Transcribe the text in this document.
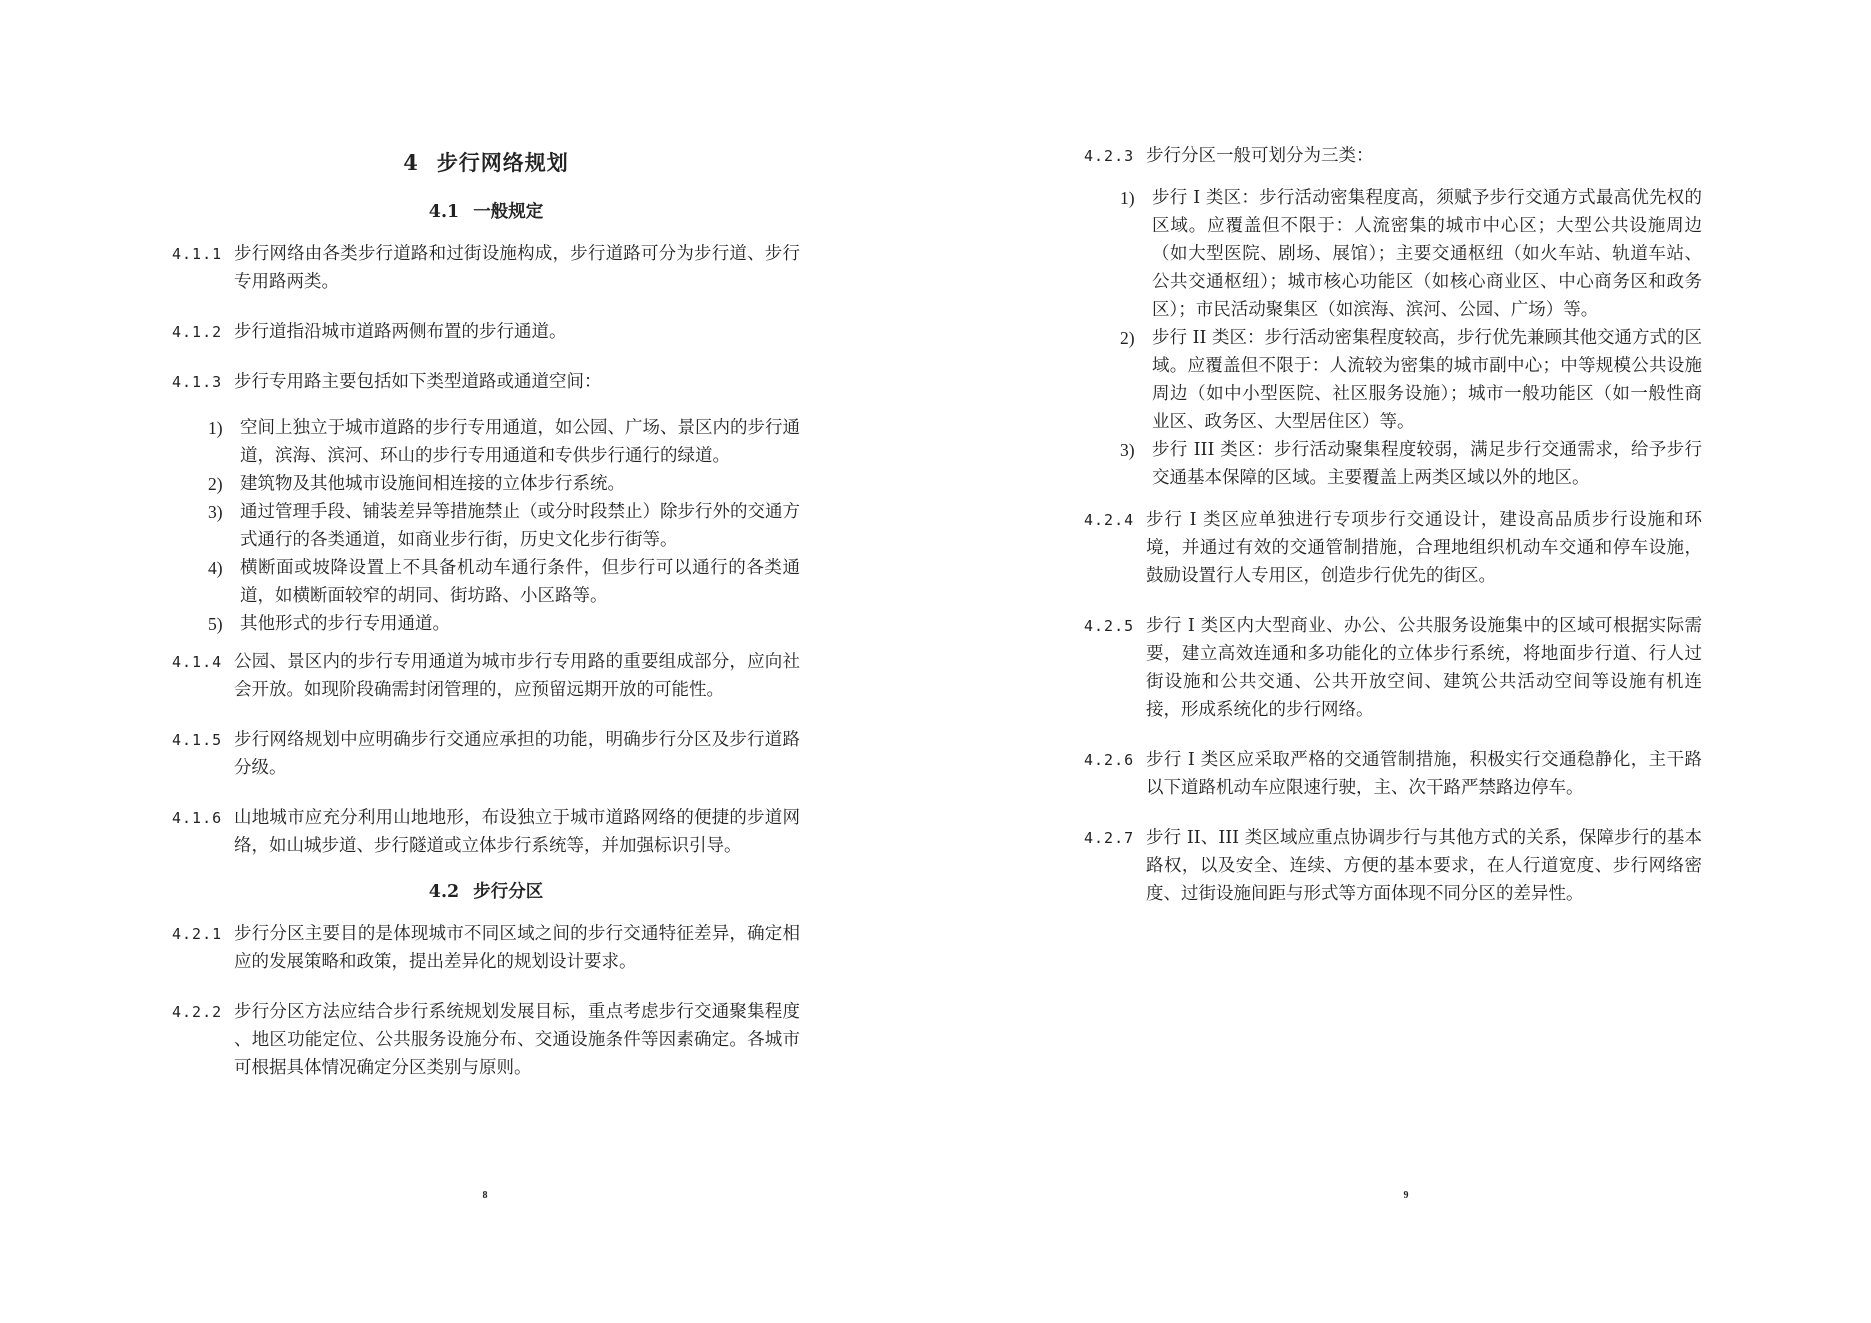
4 步行网络规划
4.1 一般规定
4.1.1 步行网络由各类步行道路和过街设施构成，步行道路可分为步行道、步行专用路两类。
4.1.2 步行道指沿城市道路两侧布置的步行通道。
4.1.3 步行专用路主要包括如下类型道路或通道空间：
1) 空间上独立于城市道路的步行专用通道，如公园、广场、景区内的步行通道，滨海、滨河、环山的步行专用通道和专供步行通行的绿道。
2) 建筑物及其他城市设施间相连接的立体步行系统。
3) 通过管理手段、铺装差异等措施禁止（或分时段禁止）除步行外的交通方式通行的各类通道，如商业步行街，历史文化步行街等。
4) 横断面或坡降设置上不具备机动车通行条件，但步行可以通行的各类通道，如横断面较窄的胡同、街坊路、小区路等。
5) 其他形式的步行专用通道。
4.1.4 公园、景区内的步行专用通道为城市步行专用路的重要组成部分，应向社会开放。如现阶段确需封闭管理的，应预留远期开放的可能性。
4.1.5 步行网络规划中应明确步行交通应承担的功能，明确步行分区及步行道路分级。
4.1.6 山地城市应充分利用山地地形，布设独立于城市道路网络的便捷的步道网络，如山城步道、步行隧道或立体步行系统等，并加强标识引导。
4.2 步行分区
4.2.1 步行分区主要目的是体现城市不同区域之间的步行交通特征差异，确定相应的发展策略和政策，提出差异化的规划设计要求。
4.2.2 步行分区方法应结合步行系统规划发展目标，重点考虑步行交通聚集程度 、地区功能定位、公共服务设施分布、交通设施条件等因素确定。各城市可根据具体情况确定分区类别与原则。
8
4.2.3 步行分区一般可划分为三类：
1) 步行 I 类区：步行活动密集程度高，须赋予步行交通方式最高优先权的区域。应覆盖但不限于：人流密集的城市中心区；大型公共设施周边（如大型医院、剧场、展馆）；主要交通枢纽（如火车站、轨道车站、公共交通枢纽）；城市核心功能区（如核心商业区、中心商务区和政务区）；市民活动聚集区（如滨海、滨河、公园、广场）等。
2) 步行 II 类区：步行活动密集程度较高，步行优先兼顾其他交通方式的区域。应覆盖但不限于：人流较为密集的城市副中心；中等规模公共设施周边（如中小型医院、社区服务设施）；城市一般功能区（如一般性商业区、政务区、大型居住区）等。
3) 步行 III 类区：步行活动聚集程度较弱，满足步行交通需求，给予步行交通基本保障的区域。主要覆盖上两类区域以外的地区。
4.2.4 步行 I 类区应单独进行专项步行交通设计，建设高品质步行设施和环境，并通过有效的交通管制措施，合理地组织机动车交通和停车设施，鼓励设置行人专用区，创造步行优先的街区。
4.2.5 步行 I 类区内大型商业、办公、公共服务设施集中的区域可根据实际需要，建立高效连通和多功能化的立体步行系统，将地面步行道、行人过街设施和公共交通、公共开放空间、建筑公共活动空间等设施有机连接，形成系统化的步行网络。
4.2.6 步行 I 类区应采取严格的交通管制措施，积极实行交通稳静化，主干路以下道路机动车应限速行驶，主、次干路严禁路边停车。
4.2.7 步行 II、III 类区域应重点协调步行与其他方式的关系，保障步行的基本路权，以及安全、连续、方便的基本要求，在人行道宽度、步行网络密度、过街设施间距与形式等方面体现不同分区的差异性。
9
